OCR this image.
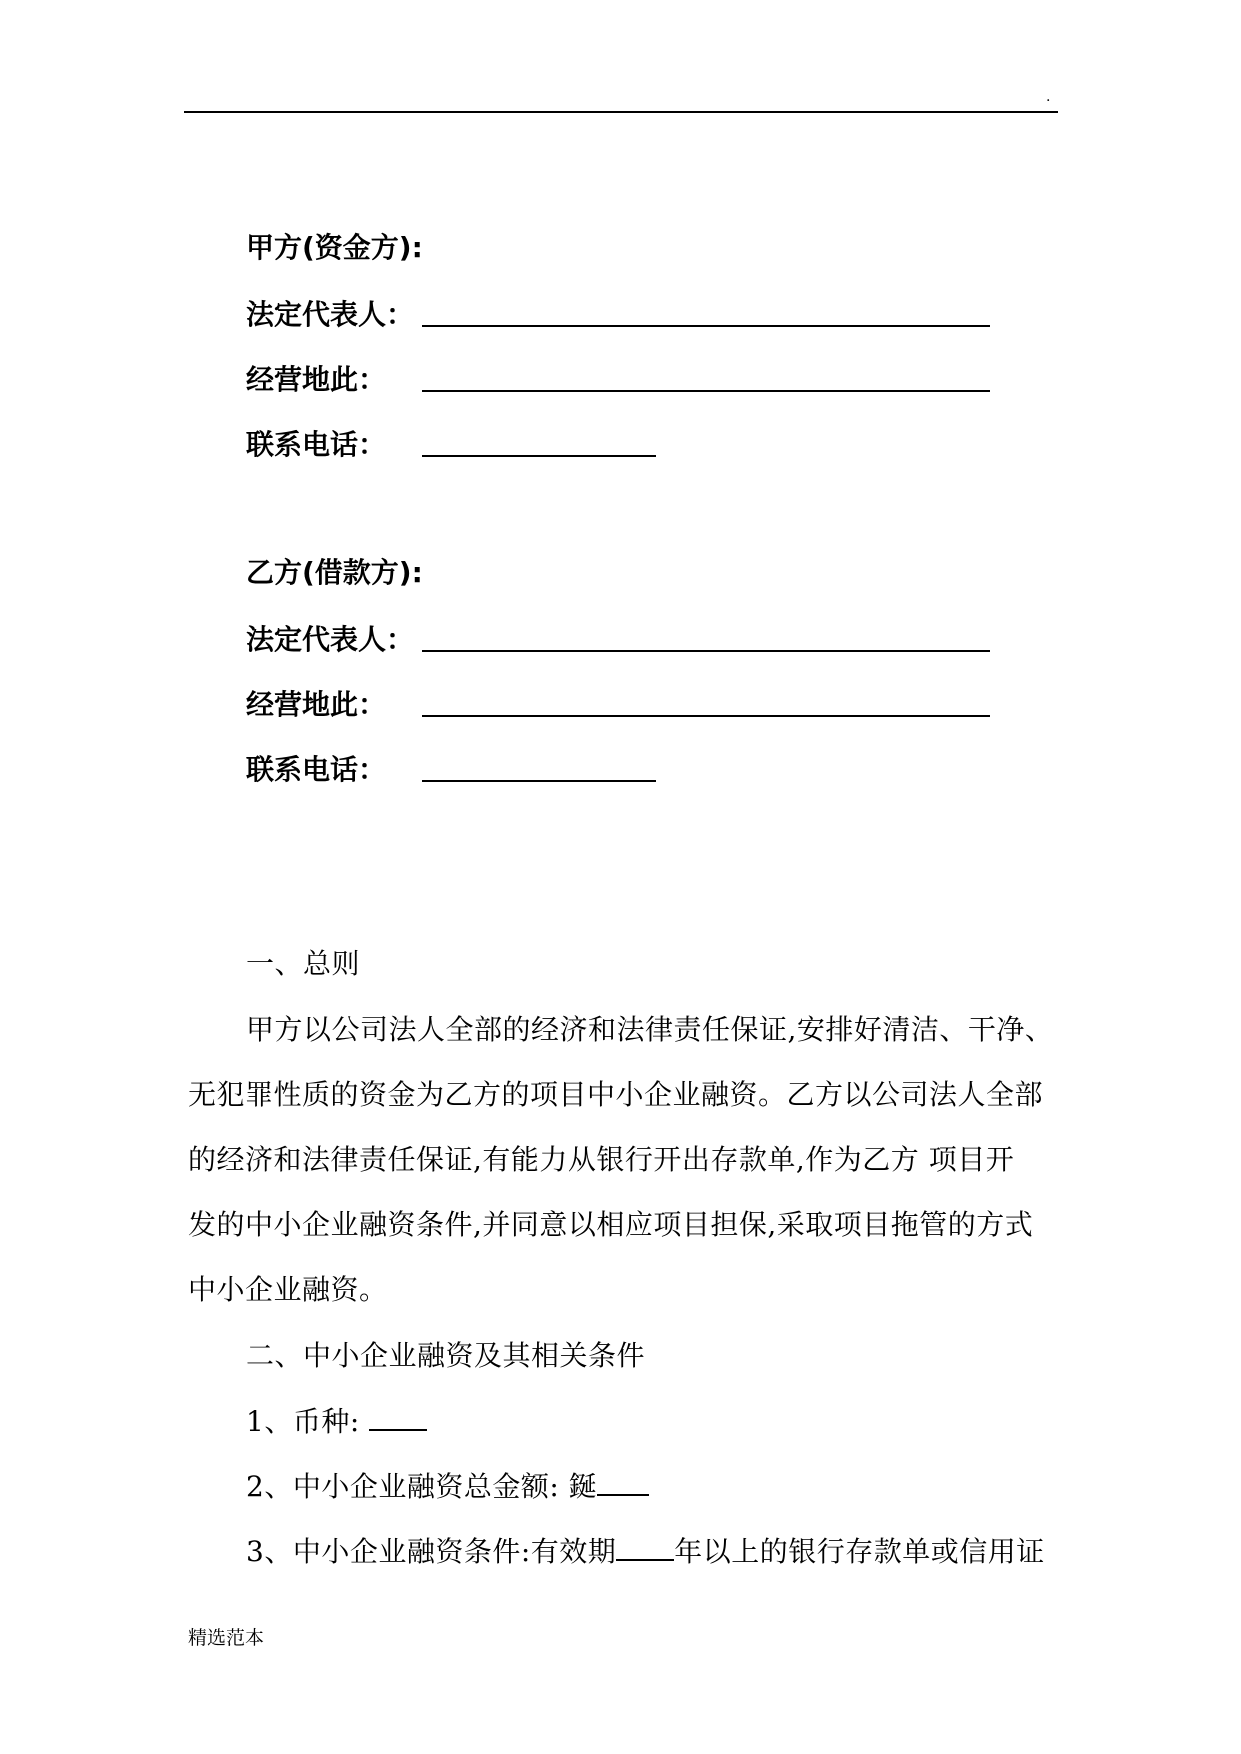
.
甲方(资金方):
法定代表人：
经营地此：
联系电话：
乙方(借款方):
法定代表人：
经营地此：
联系电话：
一、总则
甲方以公司法人全部的经济和法律责任保证,安排好清洁、干净、
无犯罪性质的资金为乙方的项目中小企业融资。乙方以公司法人全部
的经济和法律责任保证,有能力从银行开出存款单,作为乙方 项目开
发的中小企业融资条件,并同意以相应项目担保,采取项目拖管的方式
中小企业融资。
二、中小企业融资及其相关条件
1、币种:
2、中小企业融资总金额: 鋋
3、中小企业融资条件:有效期 年以上的银行存款单或信用证
精选范本
